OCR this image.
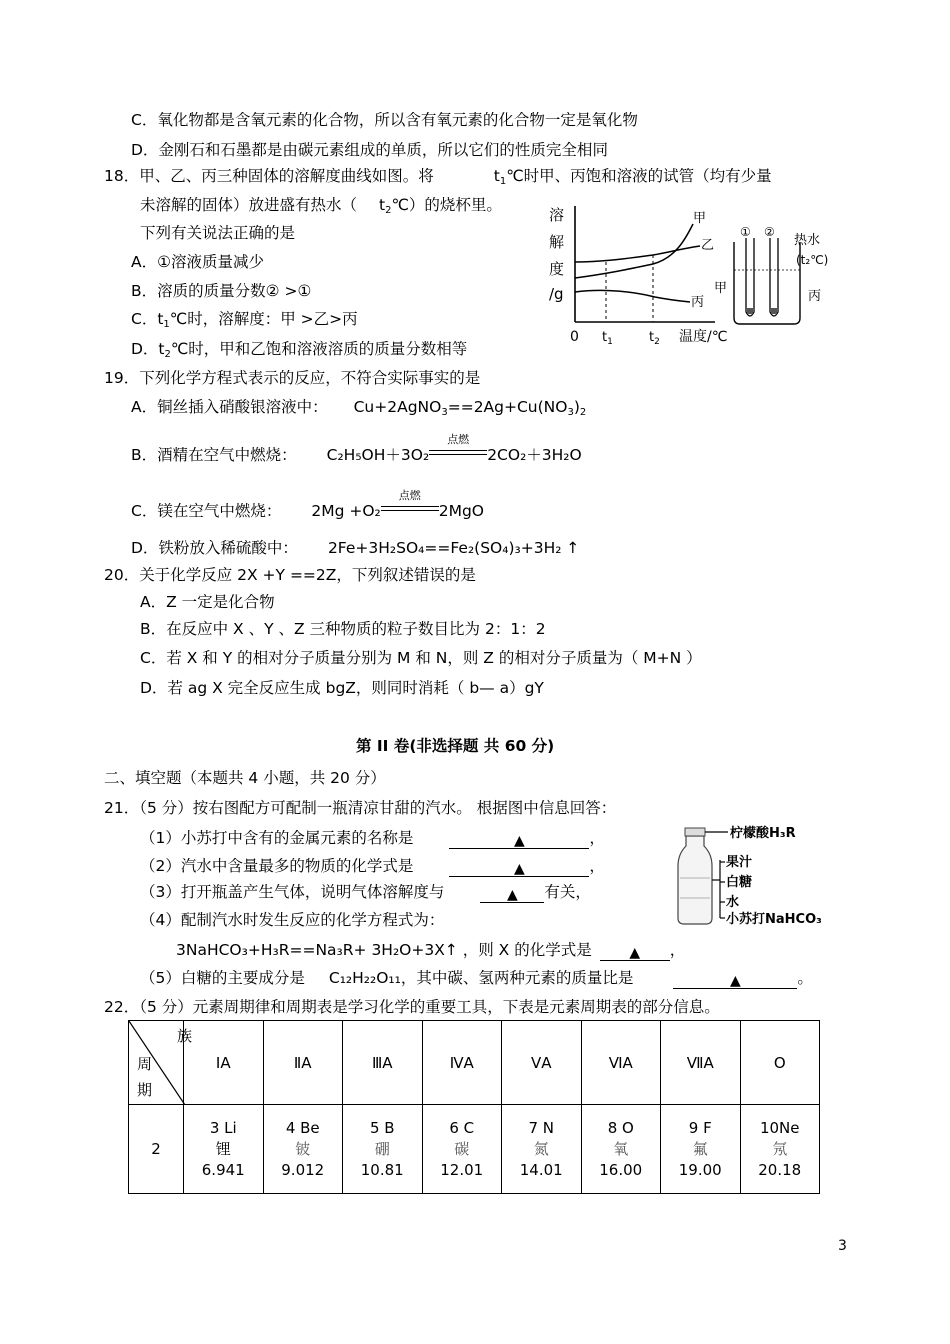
C．氧化物都是含氧元素的化合物，所以含有氧元素的化合物一定是氧化物
D．金刚石和石墨都是由碳元素组成的单质，所以它们的性质完全相同
18．甲、乙、丙三种固体的溶解度曲线如图。将	$t_1℃$时甲、丙饱和溶液的试管（均有少量
未溶解的固体）放进盛有热水（ $t_2℃$）的烧杯里。
下列有关说法正确的是
A．①溶液质量减少
B．溶质的质量分数② >①
C．$t_1℃$时，溶解度：甲 >乙>丙
D．$t_2℃$时，甲和乙饱和溶液溶质的质量分数相等
溶
解
度
/g
甲
乙
丙
0 $t_1$	$t_2$ 温度/℃
① ②
热水
(t₂℃)
甲
丙
19．下列化学方程式表示的反应，不符合实际事实的是
A．铜丝插入硝酸银溶液中： $Cu+2AgNO_3==2Ag+Cu(NO_3)_2$
B．酒精在空气中燃烧： C₂H₅OH＋3O₂
点燃
2CO₂＋3H₂O
C．镁在空气中燃烧： 2Mg +O₂
点燃
2MgO
D．铁粉放入稀硫酸中： 2Fe+3H₂SO₄==Fe₂(SO₄)₃+3H₂ ↑
20．关于化学反应 2X +Y ==2Z，下列叙述错误的是
A．Z 一定是化合物
B．在反应中 X 、Y 、Z 三种物质的粒子数目比为 2：1：2
C．若 X 和 Y 的相对分子质量分别为 M 和 N，则 Z 的相对分子质量为（ M+N ）
D．若 ag X 完全反应生成 bgZ，则同时消耗（ b— a）gY
第 II 卷(非选择题 共 60 分)
二、填空题（本题共 4 小题，共 20 分）
21．（5 分）按右图配方可配制一瓶清凉甘甜的汽水。 根据图中信息回答：
（1）小苏打中含有的金属元素的名称是	▲	，
（2）汽水中含量最多的物质的化学式是	▲	，
（3）打开瓶盖产生气体，说明气体溶解度与	▲ 有关，
（4）配制汽水时发生反应的化学方程式为：
3NaHCO₃+H₃R==Na₃R+ 3H₂O+3X↑ ，则 X 的化学式是	▲ ，
（5）白糖的主要成分是 C₁₂H₂₂O₁₁，其中碳、氢两种元素的质量比是	▲	。
柠檬酸H₃R
果汁
白糖
水
小苏打NaHCO₃
22．（5 分）元素周期律和周期表是学习化学的重要工具，下表是元素周期表的部分信息。
族
周
期	ⅠA	ⅡA	ⅢA	ⅣA	ⅤA	ⅥA	ⅦA	O
2	3 Li
锂
6.941	4 Be
铍
9.012	5 B
硼
10.81	6 C
碳
12.01	7 N
氮
14.01	8 O
氧
16.00	9 F
氟
19.00	10Ne
氖
20.18
3
